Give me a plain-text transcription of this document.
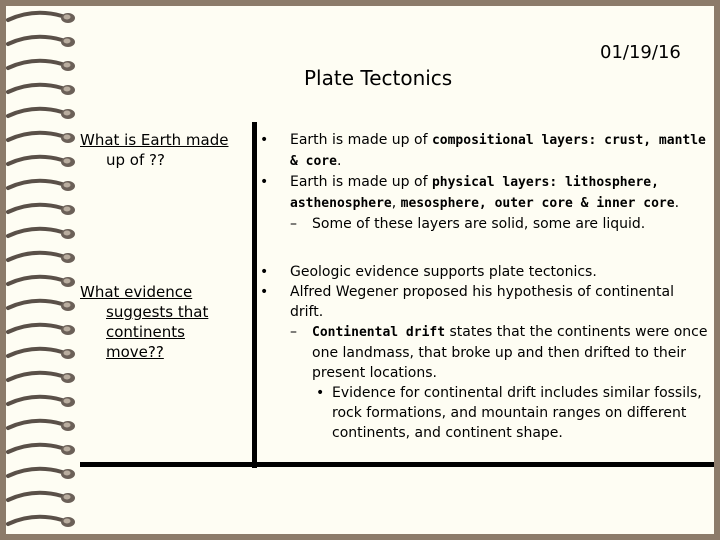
01/19/16
Plate Tectonics
What is Earth made
up of ??
What evidence
suggests that
continents
move??
• Earth is made up of compositional layers: crust, mantle & core.
• Earth is made up of physical layers: lithosphere, asthenosphere, mesosphere, outer core & inner core.
– Some of these layers are solid, some are liquid.
• Geologic evidence supports plate tectonics.
• Alfred Wegener proposed his hypothesis of continental drift.
– Continental drift states that the continents were once one landmass, that broke up and then drifted to their present locations.
• Evidence for continental drift includes similar fossils, rock formations, and mountain ranges on different continents, and continent shape.
